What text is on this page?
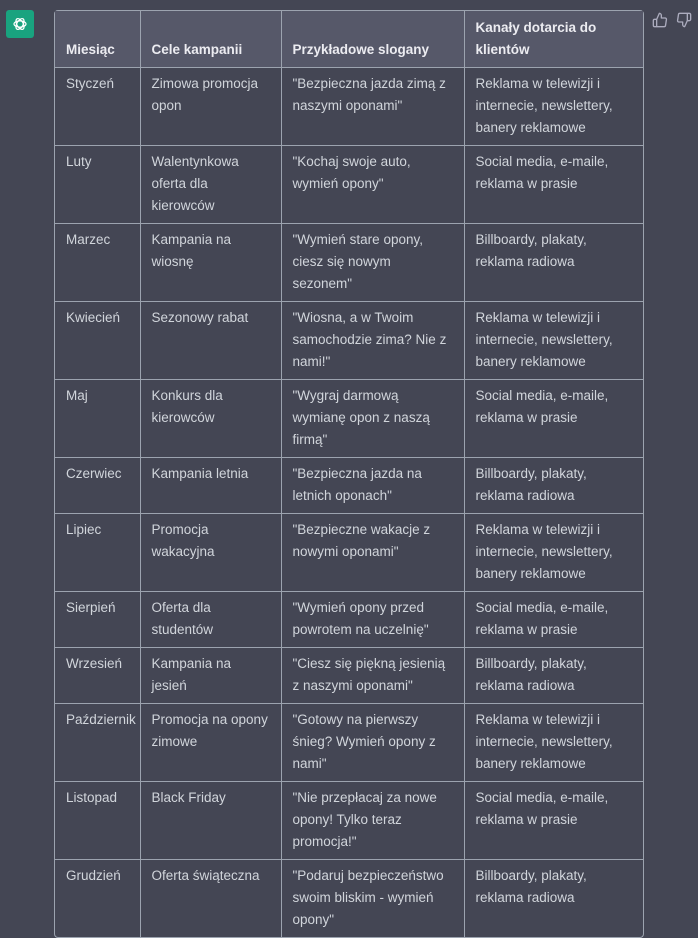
Miesiąc	Cele kampanii	Przykładowe slogany	Kanały dotarcia do klientów
Styczeń	Zimowa promocja opon	"Bezpieczna jazda zimą z naszymi oponami"	Reklama w telewizji i internecie, newslettery, banery reklamowe
Luty	Walentynkowa oferta dla kierowców	"Kochaj swoje auto, wymień opony"	Social media, e-maile, reklama w prasie
Marzec	Kampania na wiosnę	"Wymień stare opony, ciesz się nowym sezonem"	Billboardy, plakaty, reklama radiowa
Kwiecień	Sezonowy rabat	"Wiosna, a w Twoim samochodzie zima? Nie z nami!"	Reklama w telewizji i internecie, newslettery, banery reklamowe
Maj	Konkurs dla kierowców	"Wygraj darmową wymianę opon z naszą firmą"	Social media, e-maile, reklama w prasie
Czerwiec	Kampania letnia	"Bezpieczna jazda na letnich oponach"	Billboardy, plakaty, reklama radiowa
Lipiec	Promocja wakacyjna	"Bezpieczne wakacje z nowymi oponami"	Reklama w telewizji i internecie, newslettery, banery reklamowe
Sierpień	Oferta dla studentów	"Wymień opony przed powrotem na uczelnię"	Social media, e-maile, reklama w prasie
Wrzesień	Kampania na jesień	"Ciesz się piękną jesienią z naszymi oponami"	Billboardy, plakaty, reklama radiowa
Październik	Promocja na opony zimowe	"Gotowy na pierwszy śnieg? Wymień opony z nami"	Reklama w telewizji i internecie, newslettery, banery reklamowe
Listopad	Black Friday	"Nie przepłacaj za nowe opony! Tylko teraz promocja!"	Social media, e-maile, reklama w prasie
Grudzień	Oferta świąteczna	"Podaruj bezpieczeństwo swoim bliskim - wymień opony"	Billboardy, plakaty, reklama radiowa
